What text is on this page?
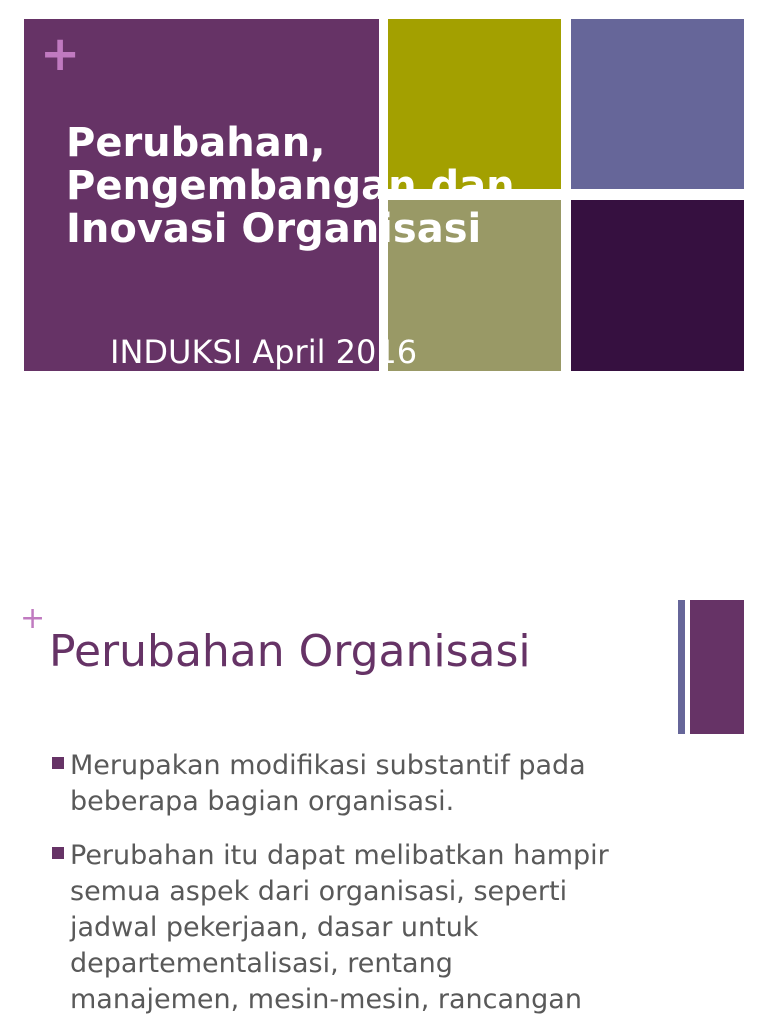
+
Perubahan,
Pengembangan dan
Inovasi Organisasi

INDUKSI April 2016

+
Perubahan Organisasi
Merupakan modifikasi substantif pada
beberapa bagian organisasi.
Perubahan itu dapat melibatkan hampir
semua aspek dari organisasi, seperti
jadwal pekerjaan, dasar untuk
departementalisasi, rentang
manajemen, mesin-mesin, rancangan
